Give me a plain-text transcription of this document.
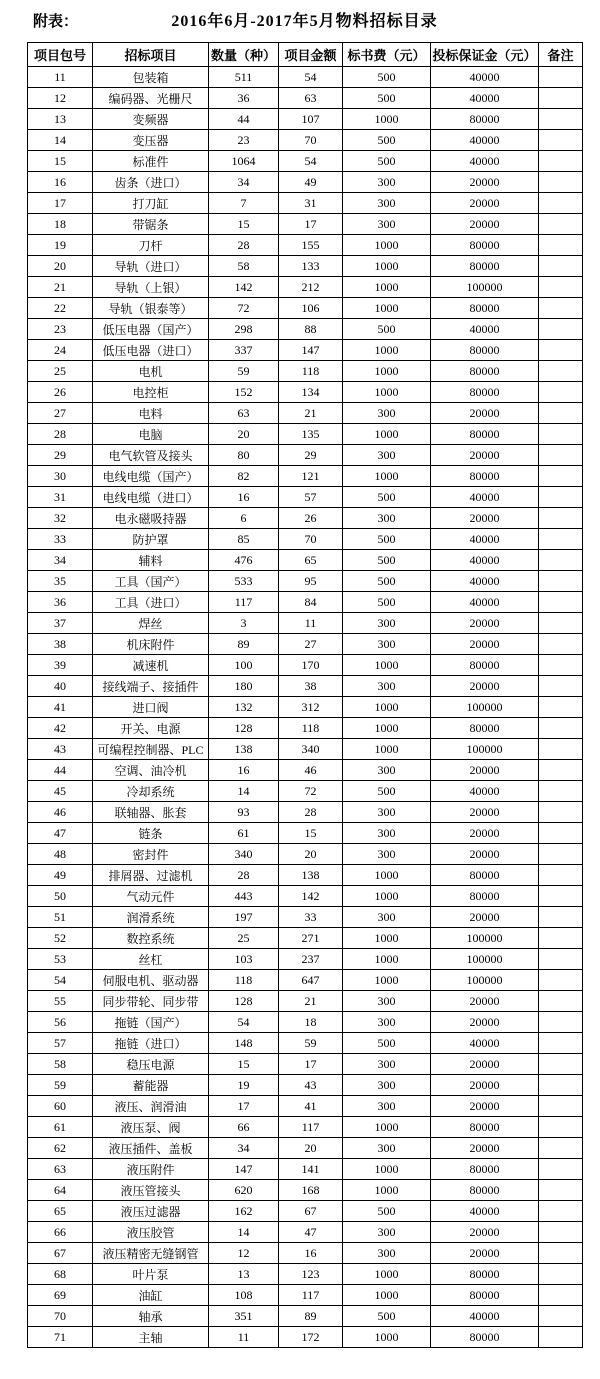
附表：	2016年6月-2017年5月物料招标目录
项目包号	招标项目	数量（种）	项目金额	标书费（元）	投标保证金（元）	备注
11	包装箱	511	54	500	40000	
12	编码器、光栅尺	36	63	500	40000	
13	变频器	44	107	1000	80000	
14	变压器	23	70	500	40000	
15	标准件	1064	54	500	40000	
16	齿条（进口）	34	49	300	20000	
17	打刀缸	7	31	300	20000	
18	带锯条	15	17	300	20000	
19	刀杆	28	155	1000	80000	
20	导轨（进口）	58	133	1000	80000	
21	导轨（上银）	142	212	1000	100000	
22	导轨（银泰等）	72	106	1000	80000	
23	低压电器（国产）	298	88	500	40000	
24	低压电器（进口）	337	147	1000	80000	
25	电机	59	118	1000	80000	
26	电控柜	152	134	1000	80000	
27	电料	63	21	300	20000	
28	电脑	20	135	1000	80000	
29	电气软管及接头	80	29	300	20000	
30	电线电缆（国产）	82	121	1000	80000	
31	电线电缆（进口）	16	57	500	40000	
32	电永磁吸持器	6	26	300	20000	
33	防护罩	85	70	500	40000	
34	辅料	476	65	500	40000	
35	工具（国产）	533	95	500	40000	
36	工具（进口）	117	84	500	40000	
37	焊丝	3	11	300	20000	
38	机床附件	89	27	300	20000	
39	减速机	100	170	1000	80000	
40	接线端子、接插件	180	38	300	20000	
41	进口阀	132	312	1000	100000	
42	开关、电源	128	118	1000	80000	
43	可编程控制器、PLC	138	340	1000	100000	
44	空调、油冷机	16	46	300	20000	
45	冷却系统	14	72	500	40000	
46	联轴器、胀套	93	28	300	20000	
47	链条	61	15	300	20000	
48	密封件	340	20	300	20000	
49	排屑器、过滤机	28	138	1000	80000	
50	气动元件	443	142	1000	80000	
51	润滑系统	197	33	300	20000	
52	数控系统	25	271	1000	100000	
53	丝杠	103	237	1000	100000	
54	伺服电机、驱动器	118	647	1000	100000	
55	同步带轮、同步带	128	21	300	20000	
56	拖链（国产）	54	18	300	20000	
57	拖链（进口）	148	59	500	40000	
58	稳压电源	15	17	300	20000	
59	蓄能器	19	43	300	20000	
60	液压、润滑油	17	41	300	20000	
61	液压泵、阀	66	117	1000	80000	
62	液压插件、盖板	34	20	300	20000	
63	液压附件	147	141	1000	80000	
64	液压管接头	620	168	1000	80000	
65	液压过滤器	162	67	500	40000	
66	液压胶管	14	47	300	20000	
67	液压精密无缝钢管	12	16	300	20000	
68	叶片泵	13	123	1000	80000	
69	油缸	108	117	1000	80000	
70	轴承	351	89	500	40000	
71	主轴	11	172	1000	80000	
